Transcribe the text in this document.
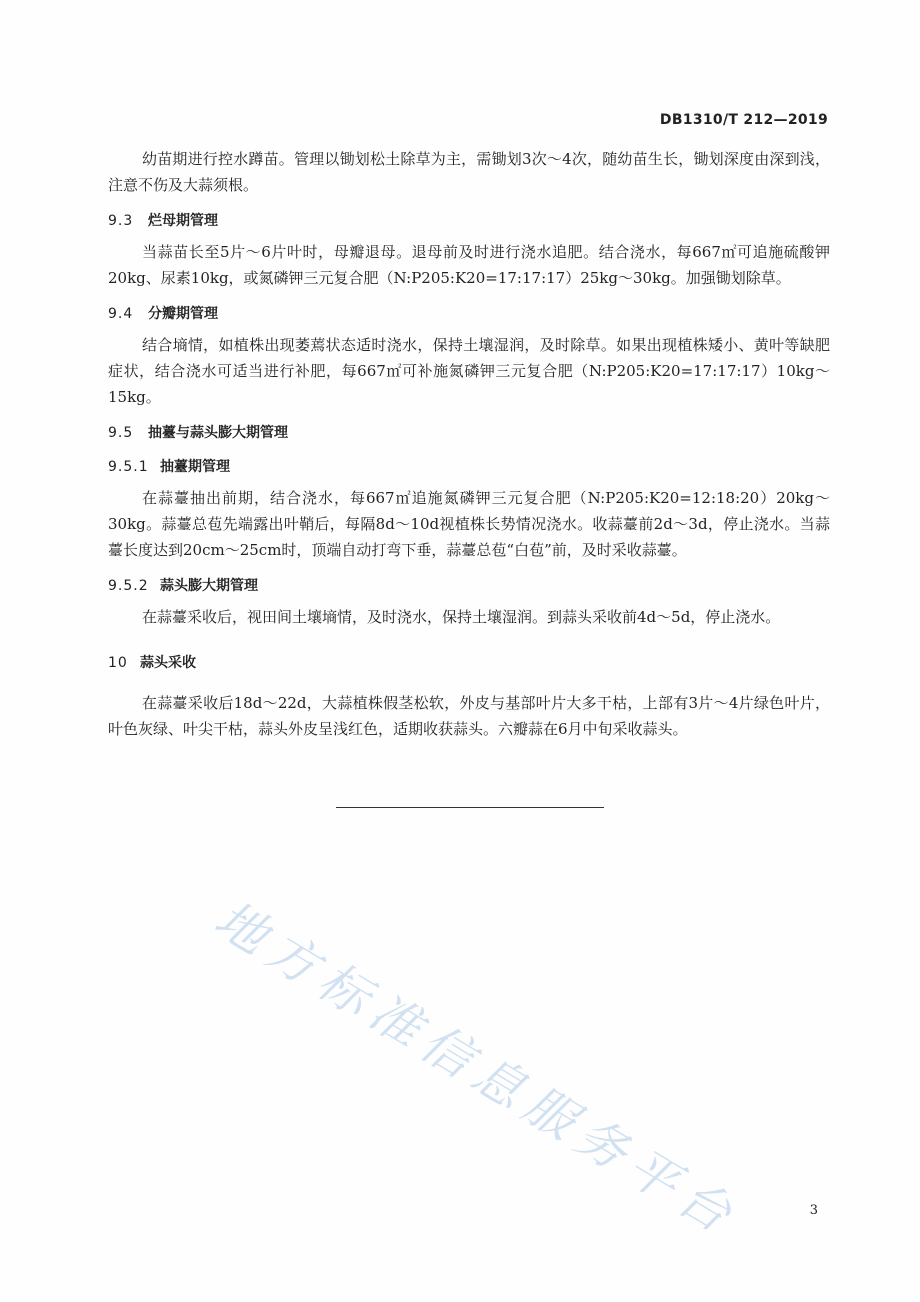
DB1310/T 212—2019

幼苗期进行控水蹲苗。管理以锄划松土除草为主，需锄划3次～4次，随幼苗生长，锄划深度由深到浅，注意不伤及大蒜须根。

9.3 烂母期管理

当蒜苗长至5片～6片叶时，母瓣退母。退母前及时进行浇水追肥。结合浇水，每667㎡可追施硫酸钾20kg、尿素10kg，或氮磷钾三元复合肥（N:P205:K20=17:17:17）25kg～30kg。加强锄划除草。

9.4 分瓣期管理

结合墒情，如植株出现萎蔫状态适时浇水，保持土壤湿润，及时除草。如果出现植株矮小、黄叶等缺肥症状，结合浇水可适当进行补肥，每667㎡可补施氮磷钾三元复合肥（N:P205:K20=17:17:17）10kg～15kg。

9.5 抽薹与蒜头膨大期管理

9.5.1 抽薹期管理

在蒜薹抽出前期，结合浇水，每667㎡追施氮磷钾三元复合肥（N:P205:K20=12:18:20）20kg～30kg。蒜薹总苞先端露出叶鞘后，每隔8d～10d视植株长势情况浇水。收蒜薹前2d～3d，停止浇水。当蒜薹长度达到20cm～25cm时，顶端自动打弯下垂，蒜薹总苞“白苞”前，及时采收蒜薹。

9.5.2 蒜头膨大期管理

在蒜薹采收后，视田间土壤墒情，及时浇水，保持土壤湿润。到蒜头采收前4d～5d，停止浇水。

10 蒜头采收

在蒜薹采收后18d～22d，大蒜植株假茎松软，外皮与基部叶片大多干枯，上部有3片～4片绿色叶片，叶色灰绿、叶尖干枯，蒜头外皮呈浅红色，适期收获蒜头。六瓣蒜在6月中旬采收蒜头。

地方标准信息服务平台	3
